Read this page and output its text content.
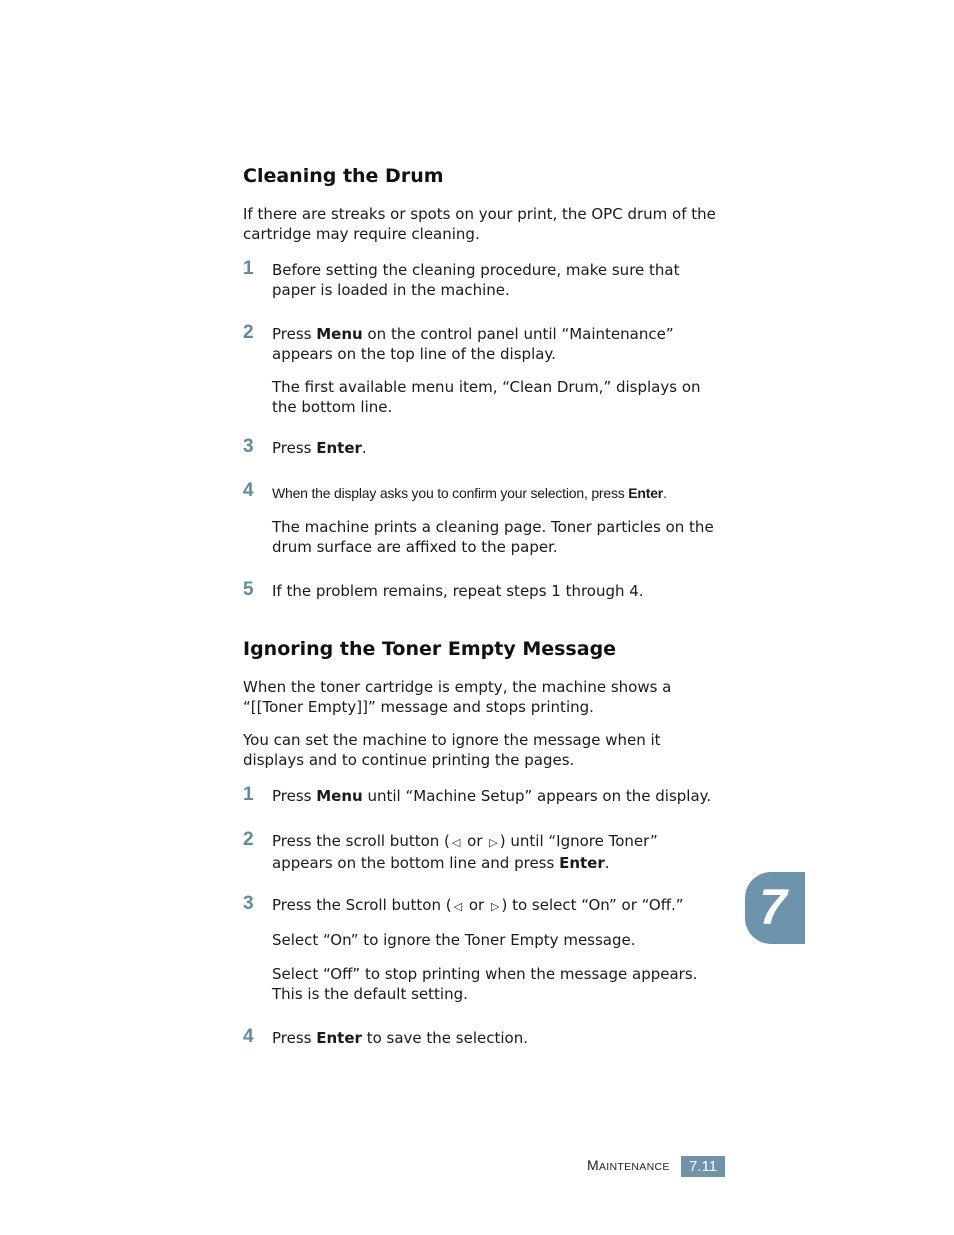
Cleaning the Drum
If there are streaks or spots on your print, the OPC drum of the cartridge may require cleaning.
1 Before setting the cleaning procedure, make sure that paper is loaded in the machine.
2 Press Menu on the control panel until “Maintenance” appears on the top line of the display.
The first available menu item, “Clean Drum,” displays on the bottom line.
3 Press Enter.
4 When the display asks you to confirm your selection, press Enter.
The machine prints a cleaning page. Toner particles on the drum surface are affixed to the paper.
5 If the problem remains, repeat steps 1 through 4.
Ignoring the Toner Empty Message
When the toner cartridge is empty, the machine shows a “[[Toner Empty]]” message and stops printing.
You can set the machine to ignore the message when it displays and to continue printing the pages.
1 Press Menu until “Machine Setup” appears on the display.
2 Press the scroll button ( ◁ or ▷ ) until “Ignore Toner” appears on the bottom line and press Enter.
3 Press the Scroll button ( ◁ or ▷ ) to select “On” or “Off.”
Select “On” to ignore the Toner Empty message.
Select “Off” to stop printing when the message appears. This is the default setting.
4 Press Enter to save the selection.
7
MAINTENANCE	7.11
